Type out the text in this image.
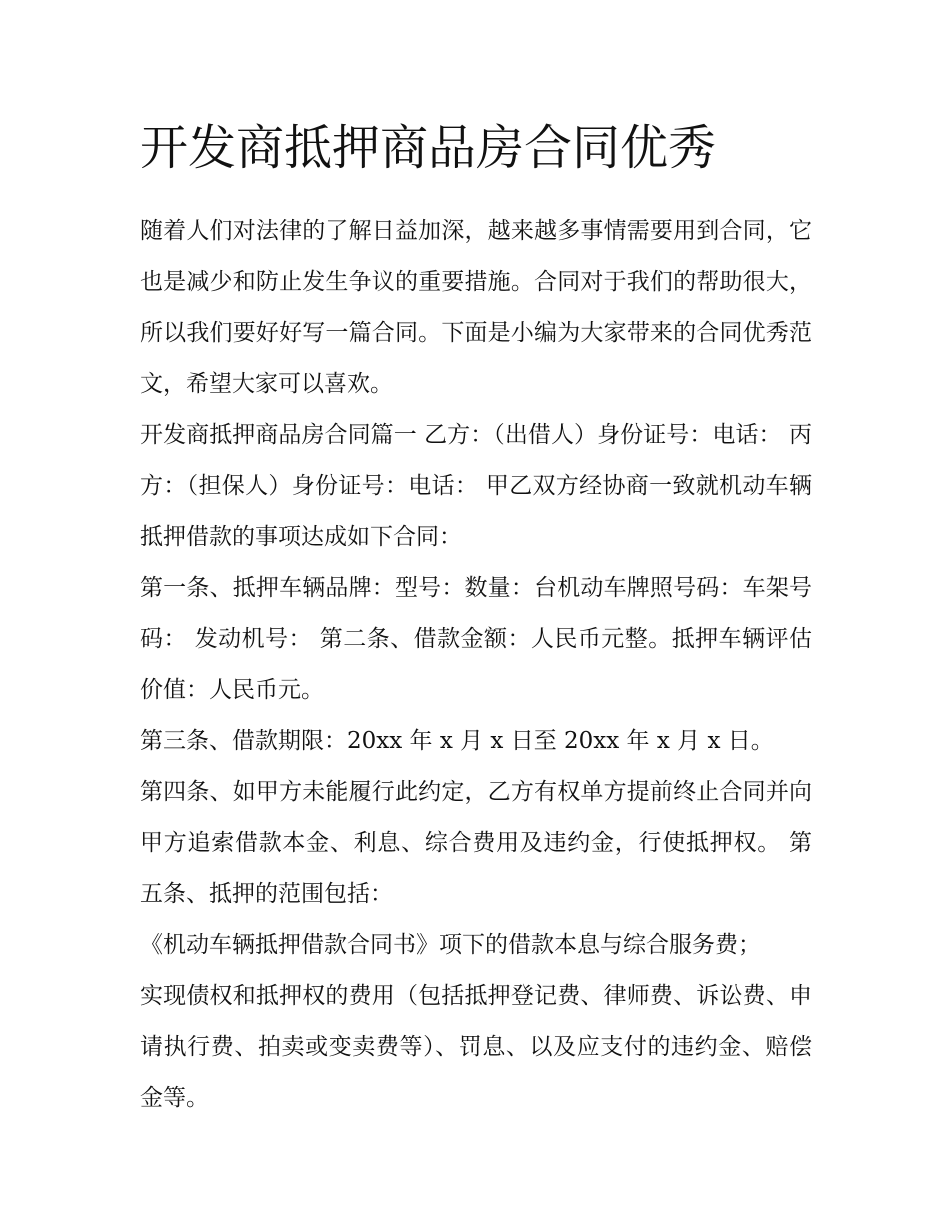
开发商抵押商品房合同优秀

随着人们对法律的了解日益加深，越来越多事情需要用到合同，它也是减少和防止发生争议的重要措施。合同对于我们的帮助很大，所以我们要好好写一篇合同。下面是小编为大家带来的合同优秀范文，希望大家可以喜欢。

开发商抵押商品房合同篇一 乙方：（出借人）身份证号：电话： 丙方：（担保人）身份证号：电话： 甲乙双方经协商一致就机动车辆抵押借款的事项达成如下合同：

第一条、抵押车辆品牌：型号：数量：台机动车牌照号码：车架号码： 发动机号： 第二条、借款金额：人民币元整。抵押车辆评估价值：人民币元。

第三条、借款期限：20xx 年 x 月 x 日至 20xx 年 x 月 x 日。

第四条、如甲方未能履行此约定，乙方有权单方提前终止合同并向甲方追索借款本金、利息、综合费用及违约金，行使抵押权。 第五条、抵押的范围包括：

《机动车辆抵押借款合同书》项下的借款本息与综合服务费；

实现债权和抵押权的费用（包括抵押登记费、律师费、诉讼费、申请执行费、拍卖或变卖费等）、罚息、以及应支付的违约金、赔偿金等。
